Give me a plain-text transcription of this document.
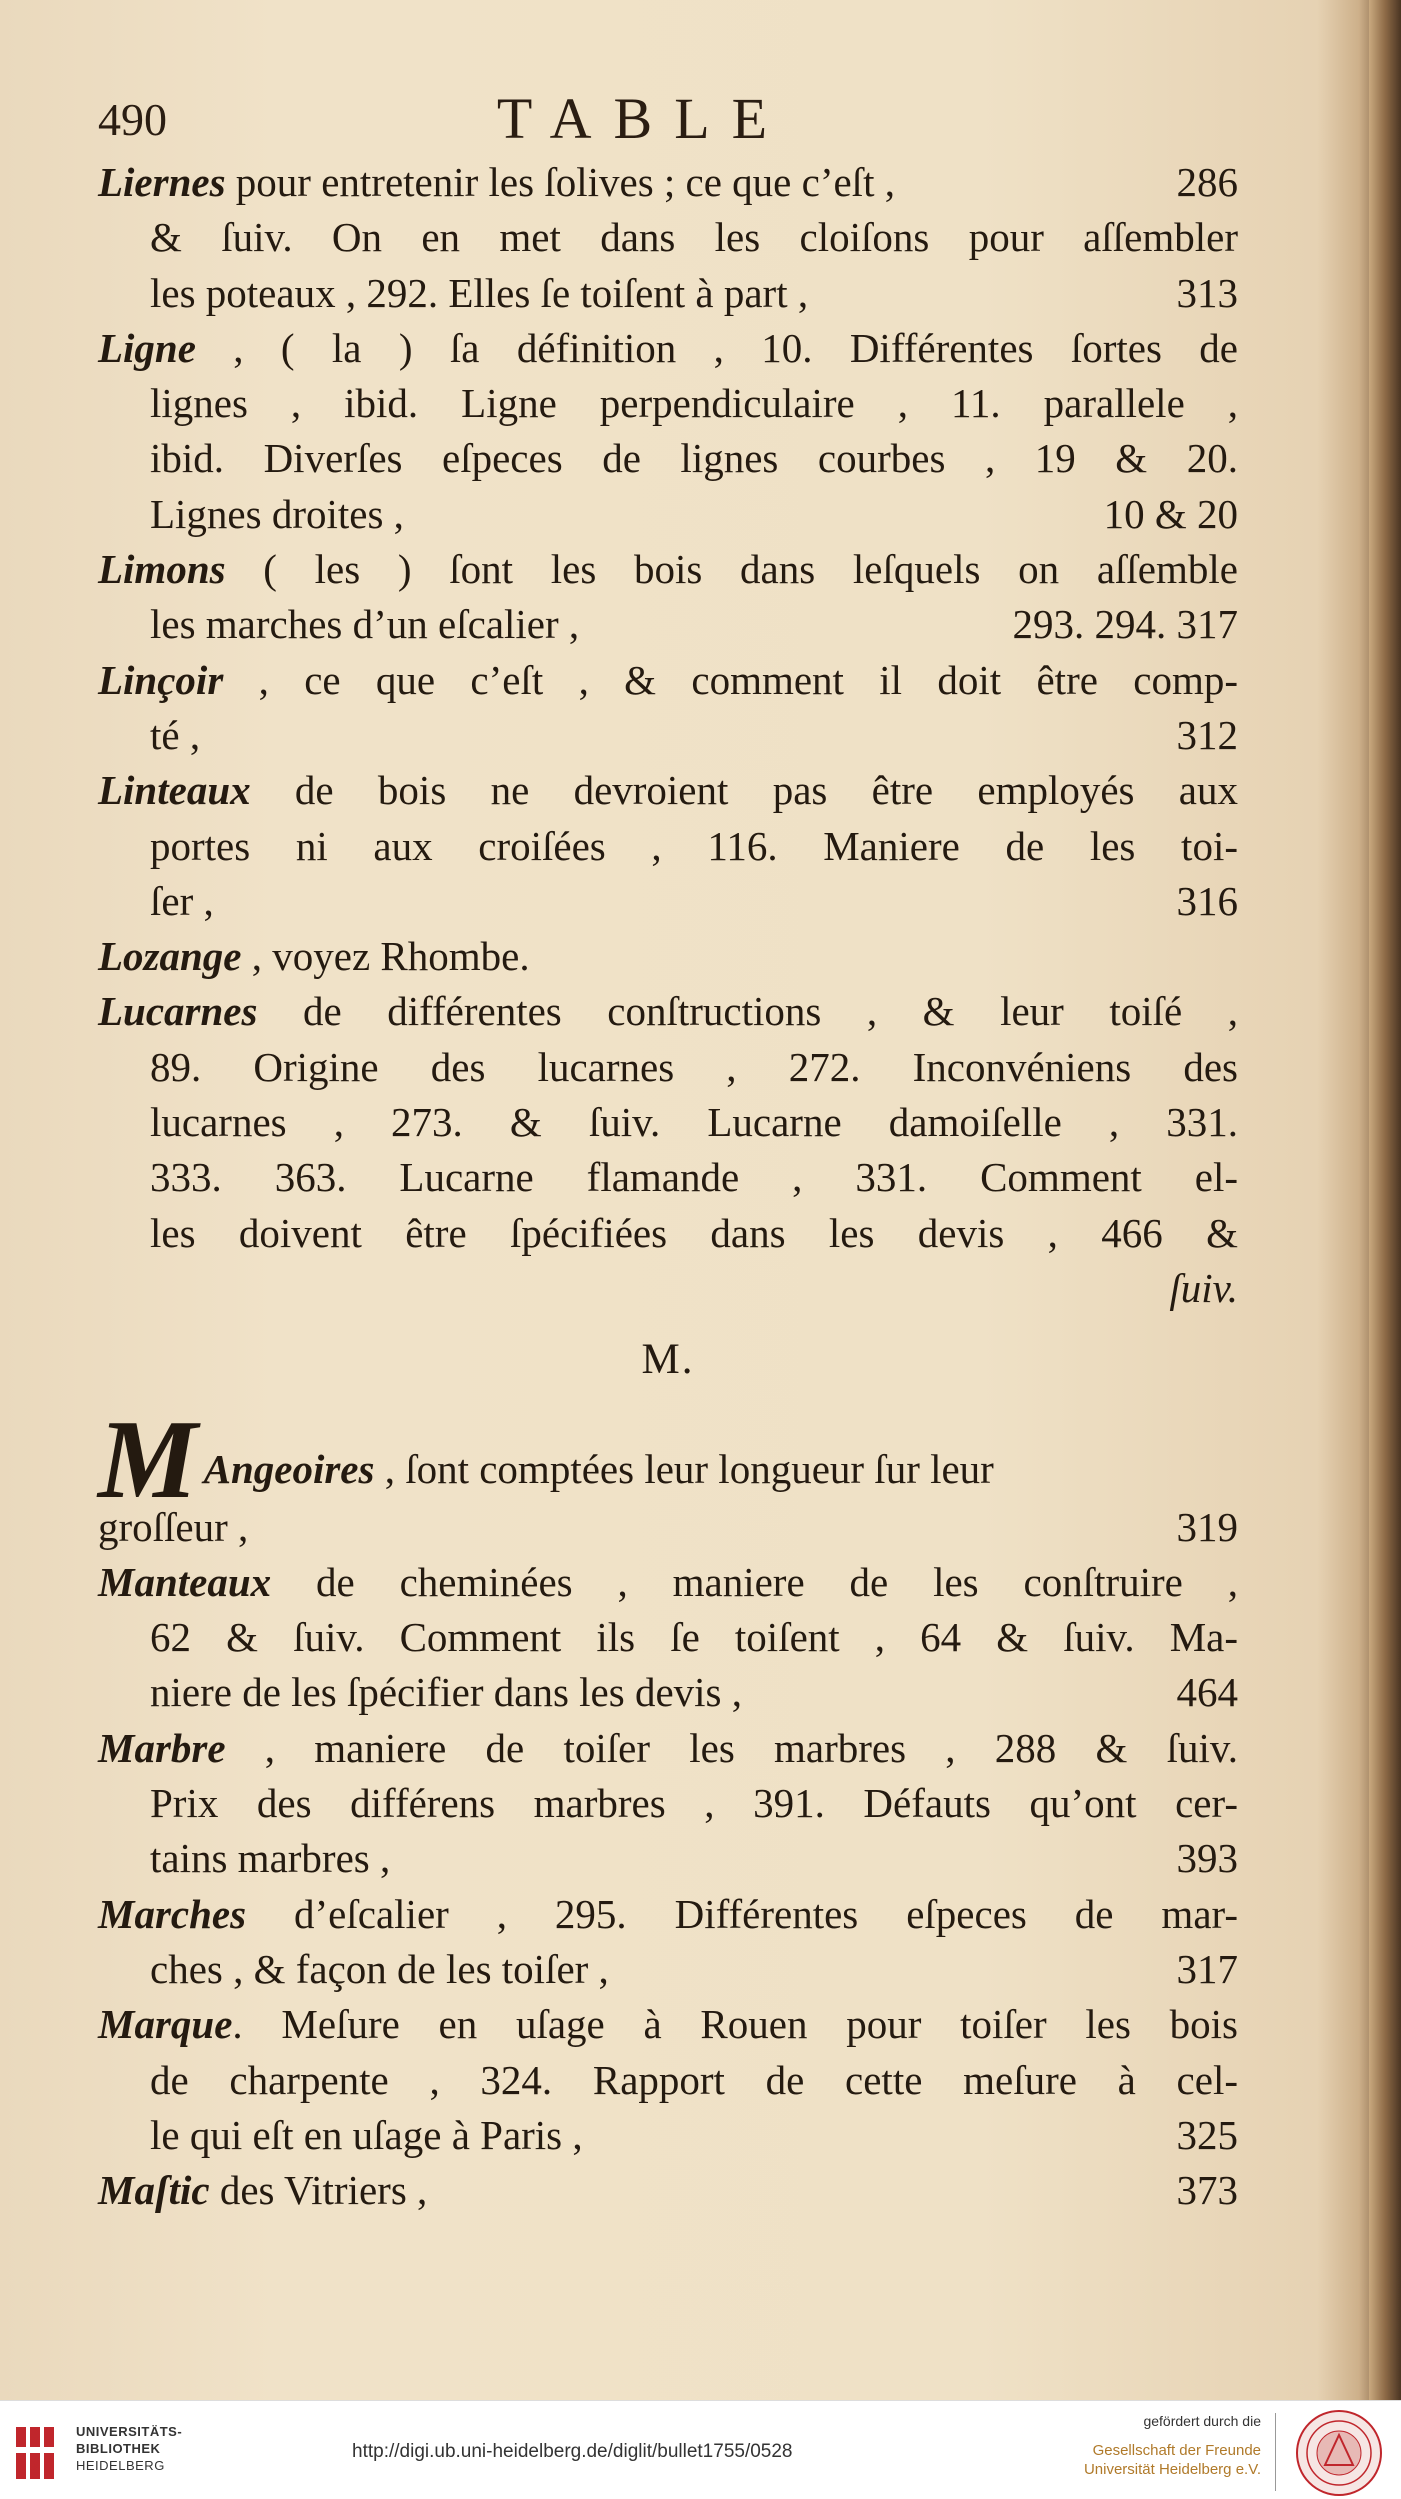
490	TABLE
Liernes pour entretenir les ſolives ; ce que c’eſt ,	286
& ſuiv. On en met dans les cloiſons pour aſſembler
les poteaux , 292. Elles ſe toiſent à part ,	313
Ligne , ( la ) ſa définition , 10. Différentes ſortes de
lignes , ibid. Ligne perpendiculaire , 11. parallele ,
ibid. Diverſes eſpeces de lignes courbes , 19 & 20.
Lignes droites ,	10 & 20
Limons ( les ) ſont les bois dans leſquels on aſſemble
les marches d’un eſcalier ,	293. 294. 317
Linçoir , ce que c’eſt , & comment il doit être comp-
té ,	312
Linteaux de bois ne devroient pas être employés aux
portes ni aux croiſées , 116. Maniere de les toi-
ſer ,	316
Lozange , voyez Rhombe.
Lucarnes de différentes conſtructions , & leur toiſé ,
89. Origine des lucarnes , 272. Inconvéniens des
lucarnes , 273. & ſuiv. Lucarne damoiſelle , 331.
333. 363. Lucarne flamande , 331. Comment el-
les doivent être ſpécifiées dans les devis , 466 &
ſuiv.
M.
M Angeoires , ſont comptées leur longueur ſur leur
groſſeur ,	319
Manteaux de cheminées , maniere de les conſtruire ,
62 & ſuiv. Comment ils ſe toiſent , 64 & ſuiv. Ma-
niere de les ſpécifier dans les devis ,	464
Marbre , maniere de toiſer les marbres , 288 & ſuiv.
Prix des différens marbres , 391. Défauts qu’ont cer-
tains marbres ,	393
Marches d’eſcalier , 295. Différentes eſpeces de mar-
ches , & façon de les toiſer ,	317
Marque. Meſure en uſage à Rouen pour toiſer les bois
de charpente , 324. Rapport de cette meſure à cel-
le qui eſt en uſage à Paris ,	325
Maſtic des Vitriers ,	373
UNIVERSITÄTS-
BIBLIOTHEK
HEIDELBERG
http://digi.ub.uni-heidelberg.de/diglit/bullet1755/0528
gefördert durch die
Gesellschaft der Freunde
Universität Heidelberg e.V.
